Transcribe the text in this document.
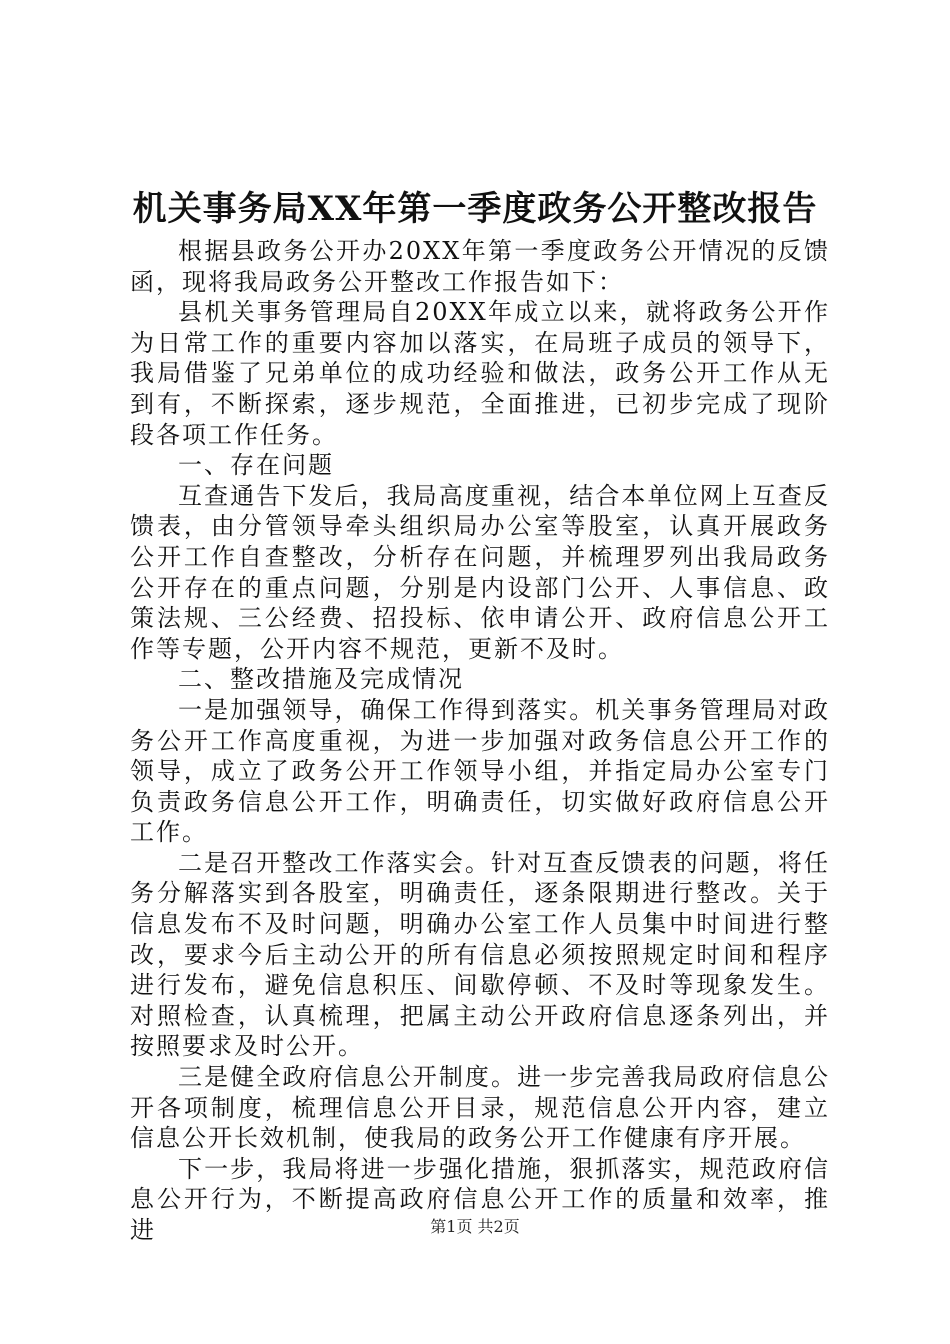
机关事务局XX年第一季度政务公开整改报告

根据县政务公开办20XX年第一季度政务公开情况的反馈函，现将我局政务公开整改工作报告如下：

县机关事务管理局自20XX年成立以来，就将政务公开作为日常工作的重要内容加以落实，在局班子成员的领导下，我局借鉴了兄弟单位的成功经验和做法，政务公开工作从无到有，不断探索，逐步规范，全面推进，已初步完成了现阶段各项工作任务。

一、存在问题

互查通告下发后，我局高度重视，结合本单位网上互查反馈表，由分管领导牵头组织局办公室等股室，认真开展政务公开工作自查整改，分析存在问题，并梳理罗列出我局政务公开存在的重点问题，分别是内设部门公开、人事信息、政策法规、三公经费、招投标、依申请公开、政府信息公开工作等专题，公开内容不规范，更新不及时。

二、整改措施及完成情况

一是加强领导，确保工作得到落实。机关事务管理局对政务公开工作高度重视，为进一步加强对政务信息公开工作的领导，成立了政务公开工作领导小组，并指定局办公室专门负责政务信息公开工作，明确责任，切实做好政府信息公开工作。

二是召开整改工作落实会。针对互查反馈表的问题，将任务分解落实到各股室，明确责任，逐条限期进行整改。关于信息发布不及时问题，明确办公室工作人员集中时间进行整改，要求今后主动公开的所有信息必须按照规定时间和程序进行发布，避免信息积压、间歇停顿、不及时等现象发生。对照检查，认真梳理，把属主动公开政府信息逐条列出，并按照要求及时公开。

三是健全政府信息公开制度。进一步完善我局政府信息公开各项制度，梳理信息公开目录，规范信息公开内容，建立信息公开长效机制，使我局的政务公开工作健康有序开展。

下一步，我局将进一步强化措施，狠抓落实，规范政府信息公开行为，不断提高政府信息公开工作的质量和效率，推进	第1页 共2页
